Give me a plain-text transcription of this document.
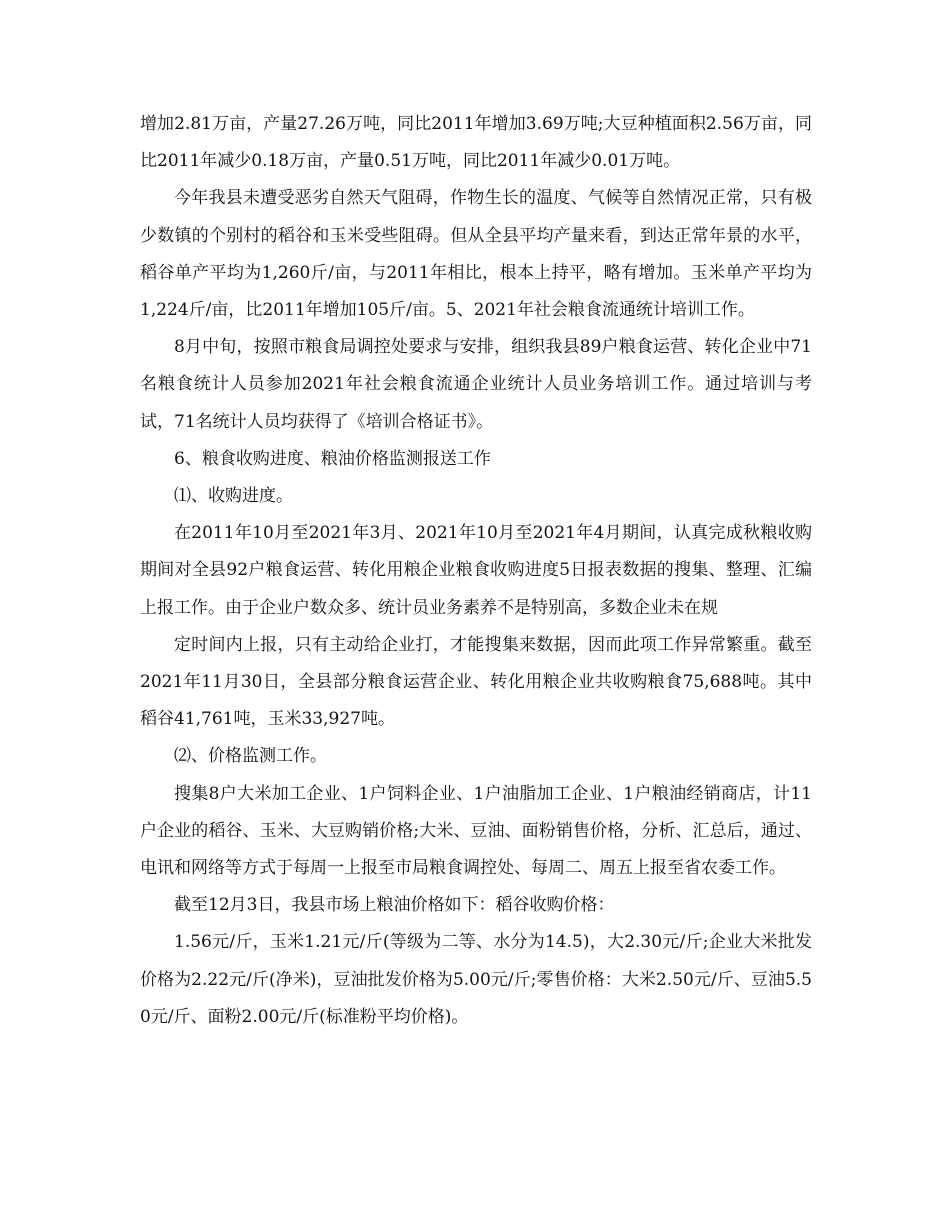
增加2.81万亩，产量27.26万吨，同比2011年增加3.69万吨;大豆种植面积2.56万亩，同比2011年减少0.18万亩，产量0.51万吨，同比2011年减少0.01万吨。

今年我县未遭受恶劣自然天气阻碍，作物生长的温度、气候等自然情况正常，只有极少数镇的个别村的稻谷和玉米受些阻碍。但从全县平均产量来看，到达正常年景的水平，稻谷单产平均为1,260斤/亩，与2011年相比，根本上持平，略有增加。玉米单产平均为1,224斤/亩，比2011年增加105斤/亩。5、2021年社会粮食流通统计培训工作。

8月中旬，按照市粮食局调控处要求与安排，组织我县89户粮食运营、转化企业中71名粮食统计人员参加2021年社会粮食流通企业统计人员业务培训工作。通过培训与考试，71名统计人员均获得了《培训合格证书》。

6、粮食收购进度、粮油价格监测报送工作

⑴、收购进度。

在2011年10月至2021年3月、2021年10月至2021年4月期间，认真完成秋粮收购期间对全县92户粮食运营、转化用粮企业粮食收购进度5日报表数据的搜集、整理、汇编上报工作。由于企业户数众多、统计员业务素养不是特别高，多数企业未在规

定时间内上报，只有主动给企业打，才能搜集来数据，因而此项工作异常繁重。截至2021年11月30日，全县部分粮食运营企业、转化用粮企业共收购粮食75,688吨。其中稻谷41,761吨，玉米33,927吨。

⑵、价格监测工作。

搜集8户大米加工企业、1户饲料企业、1户油脂加工企业、1户粮油经销商店，计11户企业的稻谷、玉米、大豆购销价格;大米、豆油、面粉销售价格，分析、汇总后，通过、电讯和网络等方式于每周一上报至市局粮食调控处、每周二、周五上报至省农委工作。

截至12月3日，我县市场上粮油价格如下：稻谷收购价格：

1.56元/斤，玉米1.21元/斤(等级为二等、水分为14.5)，大2.30元/斤;企业大米批发价格为2.22元/斤(净米)，豆油批发价格为5.00元/斤;零售价格：大米2.50元/斤、豆油5.50元/斤、面粉2.00元/斤(标准粉平均价格)。
